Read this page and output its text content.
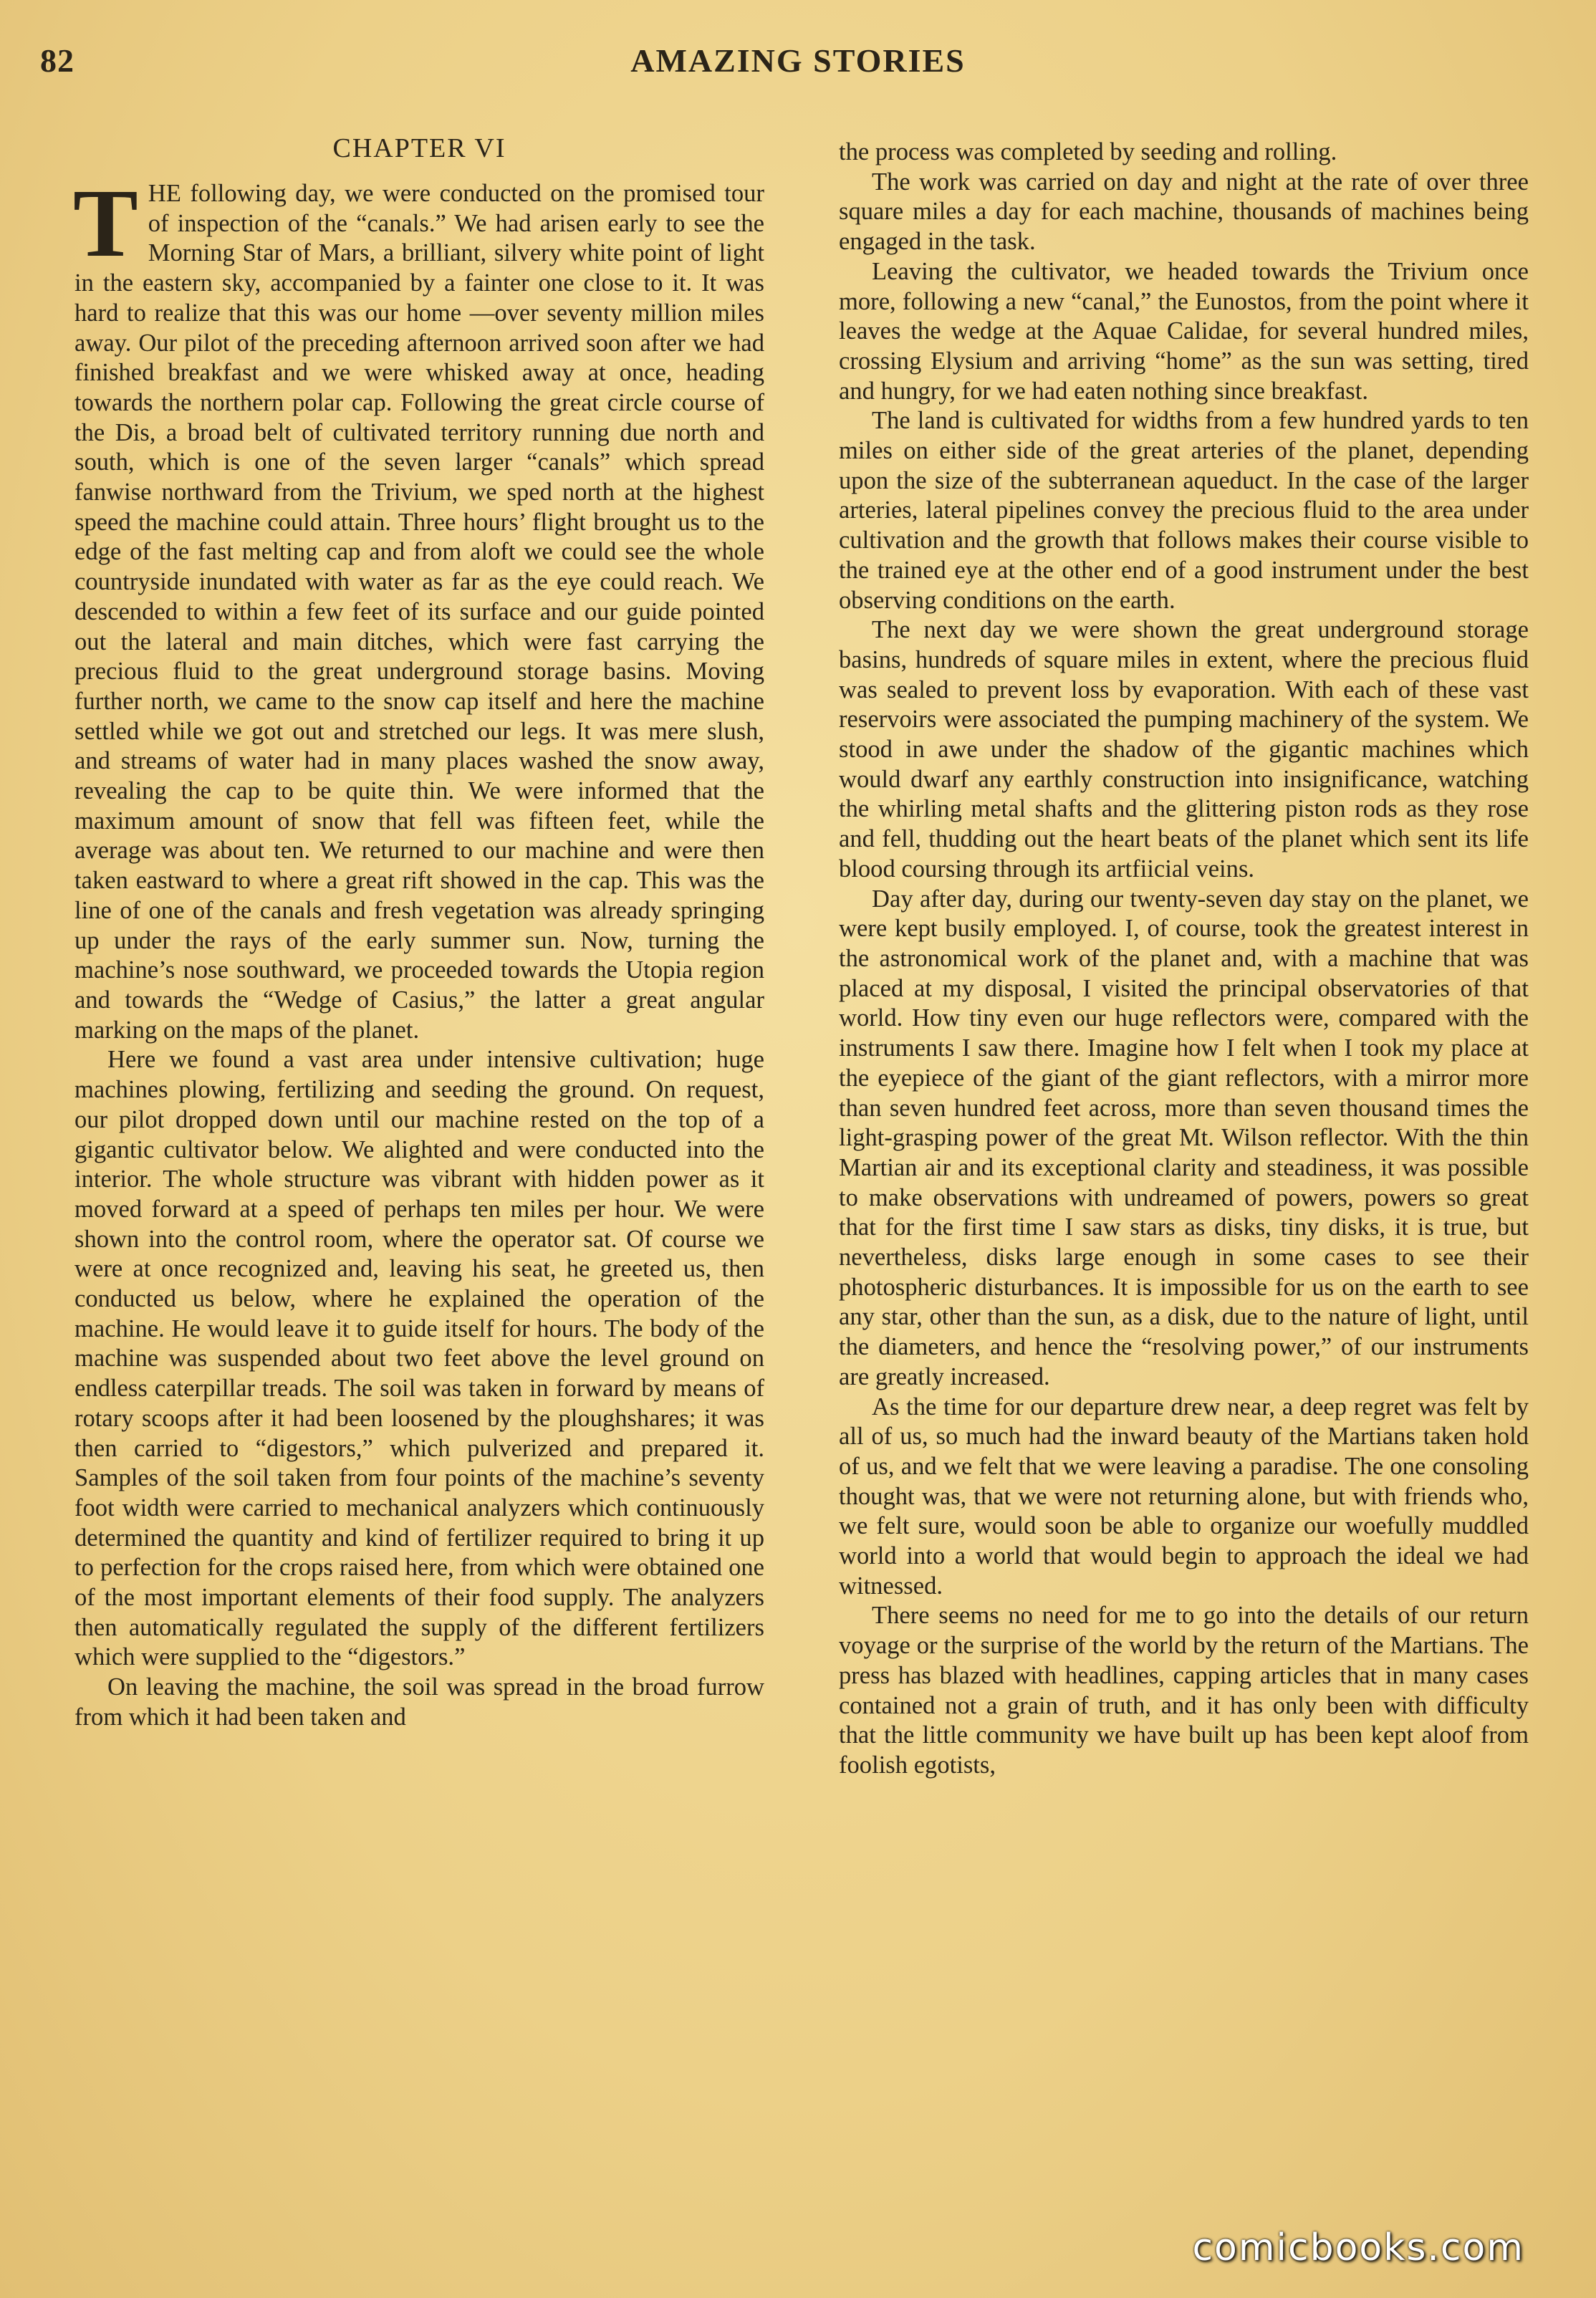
82	AMAZING STORIES
CHAPTER VI

THE following day, we were conducted on the promised tour of inspection of the “canals.” We had arisen early to see the Morning Star of Mars, a brilliant, silvery white point of light in the eastern sky, accompanied by a fainter one close to it. It was hard to realize that this was our home —over seventy million miles away. Our pilot of the preceding afternoon arrived soon after we had finished breakfast and we were whisked away at once, heading towards the northern polar cap. Following the great circle course of the Dis, a broad belt of cultivated territory running due north and south, which is one of the seven larger “canals” which spread fanwise northward from the Trivium, we sped north at the highest speed the machine could attain. Three hours’ flight brought us to the edge of the fast melting cap and from aloft we could see the whole countryside inundated with water as far as the eye could reach. We descended to within a few feet of its surface and our guide pointed out the lateral and main ditches, which were fast carrying the precious fluid to the great underground storage basins. Moving further north, we came to the snow cap itself and here the machine settled while we got out and stretched our legs. It was mere slush, and streams of water had in many places washed the snow away, revealing the cap to be quite thin. We were informed that the maximum amount of snow that fell was fifteen feet, while the average was about ten. We returned to our machine and were then taken eastward to where a great rift showed in the cap. This was the line of one of the canals and fresh vegetation was already springing up under the rays of the early summer sun. Now, turning the machine’s nose southward, we proceeded towards the Utopia region and towards the “Wedge of Casius,” the latter a great angular marking on the maps of the planet.

Here we found a vast area under intensive cultivation; huge machines plowing, fertilizing and seeding the ground. On request, our pilot dropped down until our machine rested on the top of a gigantic cultivator below. We alighted and were conducted into the interior. The whole structure was vibrant with hidden power as it moved forward at a speed of perhaps ten miles per hour. We were shown into the control room, where the operator sat. Of course we were at once recognized and, leaving his seat, he greeted us, then conducted us below, where he explained the operation of the machine. He would leave it to guide itself for hours. The body of the machine was suspended about two feet above the level ground on endless caterpillar treads. The soil was taken in forward by means of rotary scoops after it had been loosened by the ploughshares; it was then carried to “digestors,” which pulverized and prepared it. Samples of the soil taken from four points of the machine’s seventy foot width were carried to mechanical analyzers which continuously determined the quantity and kind of fertilizer required to bring it up to perfection for the crops raised here, from which were obtained one of the most important elements of their food supply. The analyzers then automatically regulated the supply of the different fertilizers which were supplied to the “digestors.”

On leaving the machine, the soil was spread in the broad furrow from which it had been taken and

the process was completed by seeding and rolling.

The work was carried on day and night at the rate of over three square miles a day for each machine, thousands of machines being engaged in the task.

Leaving the cultivator, we headed towards the Trivium once more, following a new “canal,” the Eunostos, from the point where it leaves the wedge at the Aquae Calidae, for several hundred miles, crossing Elysium and arriving “home” as the sun was setting, tired and hungry, for we had eaten nothing since breakfast.

The land is cultivated for widths from a few hundred yards to ten miles on either side of the great arteries of the planet, depending upon the size of the subterranean aqueduct. In the case of the larger arteries, lateral pipelines convey the precious fluid to the area under cultivation and the growth that follows makes their course visible to the trained eye at the other end of a good instrument under the best observing conditions on the earth.

The next day we were shown the great underground storage basins, hundreds of square miles in extent, where the precious fluid was sealed to prevent loss by evaporation. With each of these vast reservoirs were associated the pumping machinery of the system. We stood in awe under the shadow of the gigantic machines which would dwarf any earthly construction into insignificance, watching the whirling metal shafts and the glittering piston rods as they rose and fell, thudding out the heart beats of the planet which sent its life blood coursing through its artfiicial veins.

Day after day, during our twenty-seven day stay on the planet, we were kept busily employed. I, of course, took the greatest interest in the astronomical work of the planet and, with a machine that was placed at my disposal, I visited the principal observatories of that world. How tiny even our huge reflectors were, compared with the instruments I saw there. Imagine how I felt when I took my place at the eyepiece of the giant of the giant reflectors, with a mirror more than seven hundred feet across, more than seven thousand times the light-grasping power of the great Mt. Wilson reflector. With the thin Martian air and its exceptional clarity and steadiness, it was possible to make observations with undreamed of powers, powers so great that for the first time I saw stars as disks, tiny disks, it is true, but nevertheless, disks large enough in some cases to see their photospheric disturbances. It is impossible for us on the earth to see any star, other than the sun, as a disk, due to the nature of light, until the diameters, and hence the “resolving power,” of our instruments are greatly increased.

As the time for our departure drew near, a deep regret was felt by all of us, so much had the inward beauty of the Martians taken hold of us, and we felt that we were leaving a paradise. The one consoling thought was, that we were not returning alone, but with friends who, we felt sure, would soon be able to organize our woefully muddled world into a world that would begin to approach the ideal we had witnessed.

There seems no need for me to go into the details of our return voyage or the surprise of the world by the return of the Martians. The press has blazed with headlines, capping articles that in many cases contained not a grain of truth, and it has only been with difficulty that the little community we have built up has been kept aloof from foolish egotists,

comicbooks.com
